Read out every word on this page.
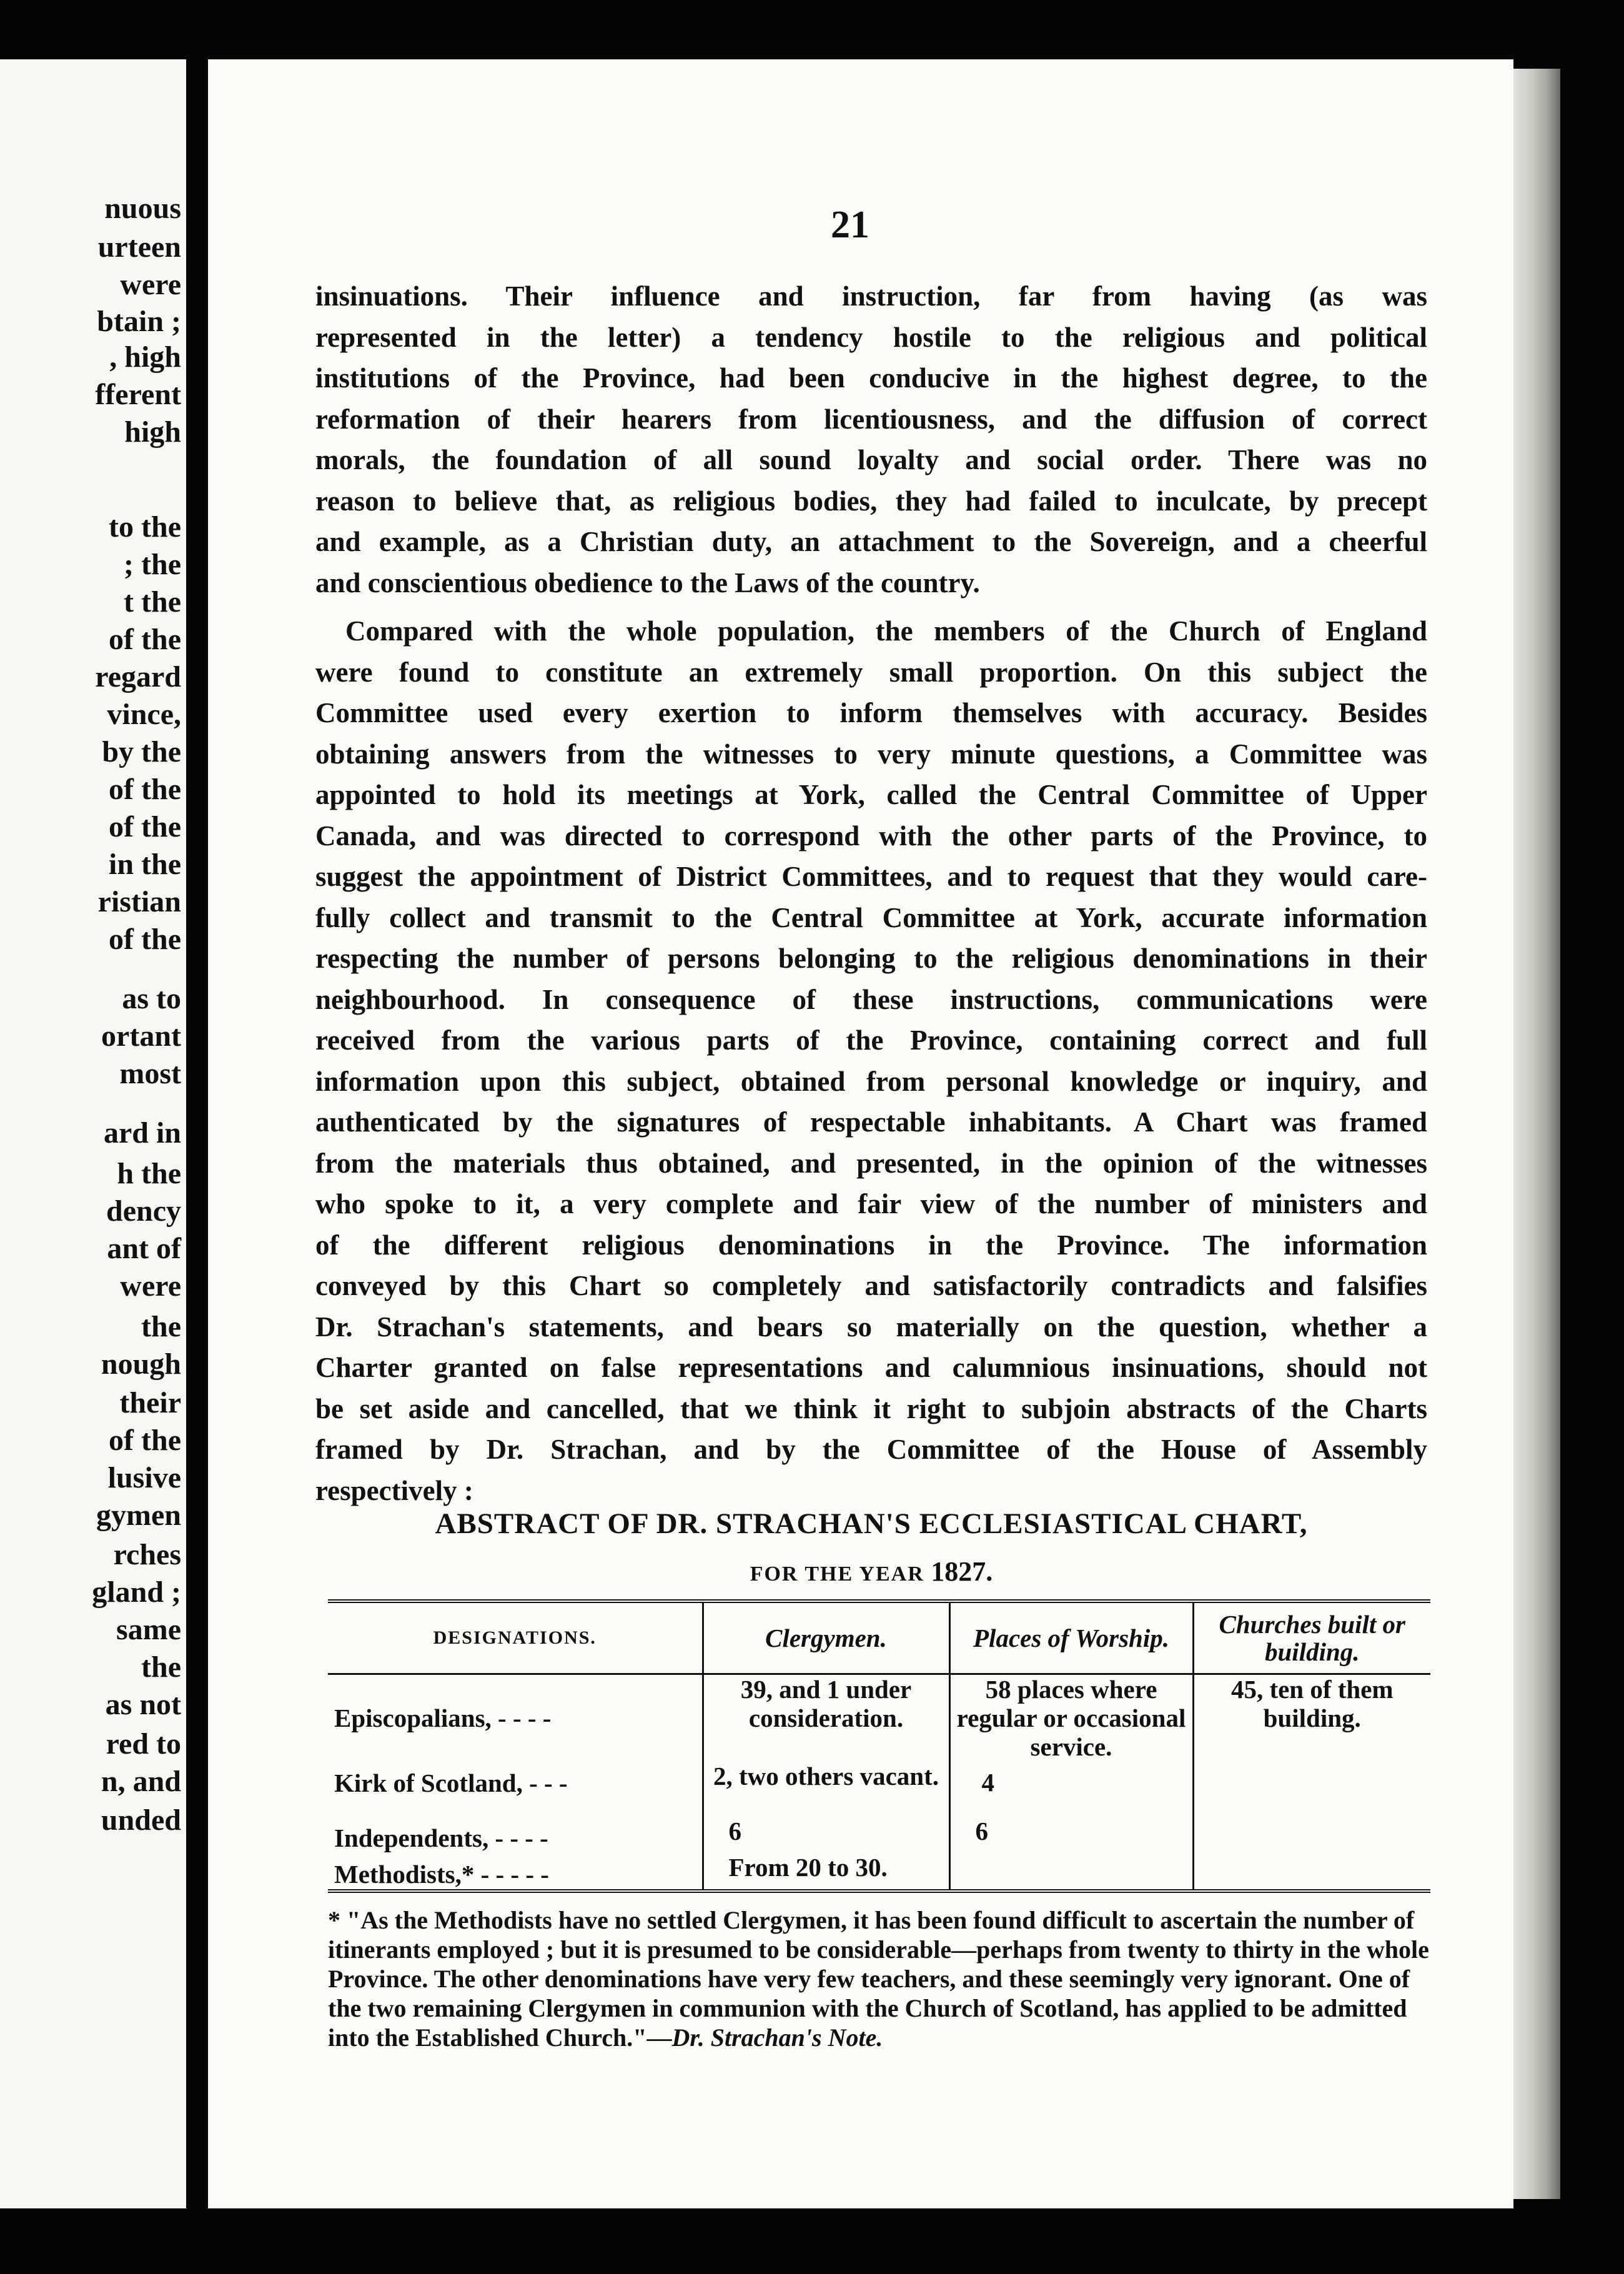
nuous
urteen
were
btain ;
, high
fferent
high
to the
; the
t the
of the
regard
vince,
by the
of the
of the
in the
ristian
of the
as to
ortant
most
ard in
h the
dency
ant of
were
the
nough
their
of the
lusive
gymen
rches
gland ;
same
the
as not
red to
n, and
unded
21
insinuations. Their influence and instruction, far from having (as was
represented in the letter) a tendency hostile to the religious and political
institutions of the Province, had been conducive in the highest degree, to the
reformation of their hearers from licentiousness, and the diffusion of correct
morals, the foundation of all sound loyalty and social order. There was no
reason to believe that, as religious bodies, they had failed to inculcate, by precept
and example, as a Christian duty, an attachment to the Sovereign, and a cheerful
and conscientious obedience to the Laws of the country.
Compared with the whole population, the members of the Church of England
were found to constitute an extremely small proportion. On this subject the
Committee used every exertion to inform themselves with accuracy. Besides
obtaining answers from the witnesses to very minute questions, a Committee was
appointed to hold its meetings at York, called the Central Committee of Upper
Canada, and was directed to correspond with the other parts of the Province, to
suggest the appointment of District Committees, and to request that they would care-
fully collect and transmit to the Central Committee at York, accurate information
respecting the number of persons belonging to the religious denominations in their
neighbourhood. In consequence of these instructions, communications were
received from the various parts of the Province, containing correct and full
information upon this subject, obtained from personal knowledge or inquiry, and
authenticated by the signatures of respectable inhabitants. A Chart was framed
from the materials thus obtained, and presented, in the opinion of the witnesses
who spoke to it, a very complete and fair view of the number of ministers and
of the different religious denominations in the Province. The information
conveyed by this Chart so completely and satisfactorily contradicts and falsifies
Dr. Strachan's statements, and bears so materially on the question, whether a
Charter granted on false representations and calumnious insinuations, should not
be set aside and cancelled, that we think it right to subjoin abstracts of the Charts
framed by Dr. Strachan, and by the Committee of the House of Assembly
respectively :
ABSTRACT OF DR. STRACHAN'S ECCLESIASTICAL CHART,
FOR THE YEAR 1827.
DESIGNATIONS.	Clergymen.	Places of Worship.	Churches built or building.
Episcopalians, - - - -	39, and 1 under consideration.	58 places where regular or occasional service.	45, ten of them building.
Kirk of Scotland, - - -	2, two others vacant.	4	
Independents, - - - -	6	6	
Methodists,* - - - - -	From 20 to 30.		
* "As the Methodists have no settled Clergymen, it has been found difficult to ascertain the number of itinerants employed ; but it is presumed to be considerable—perhaps from twenty to thirty in the whole Province. The other denominations have very few teachers, and these seemingly very ignorant. One of the two remaining Clergymen in communion with the Church of Scotland, has applied to be admitted into the Established Church."—Dr. Strachan's Note.
